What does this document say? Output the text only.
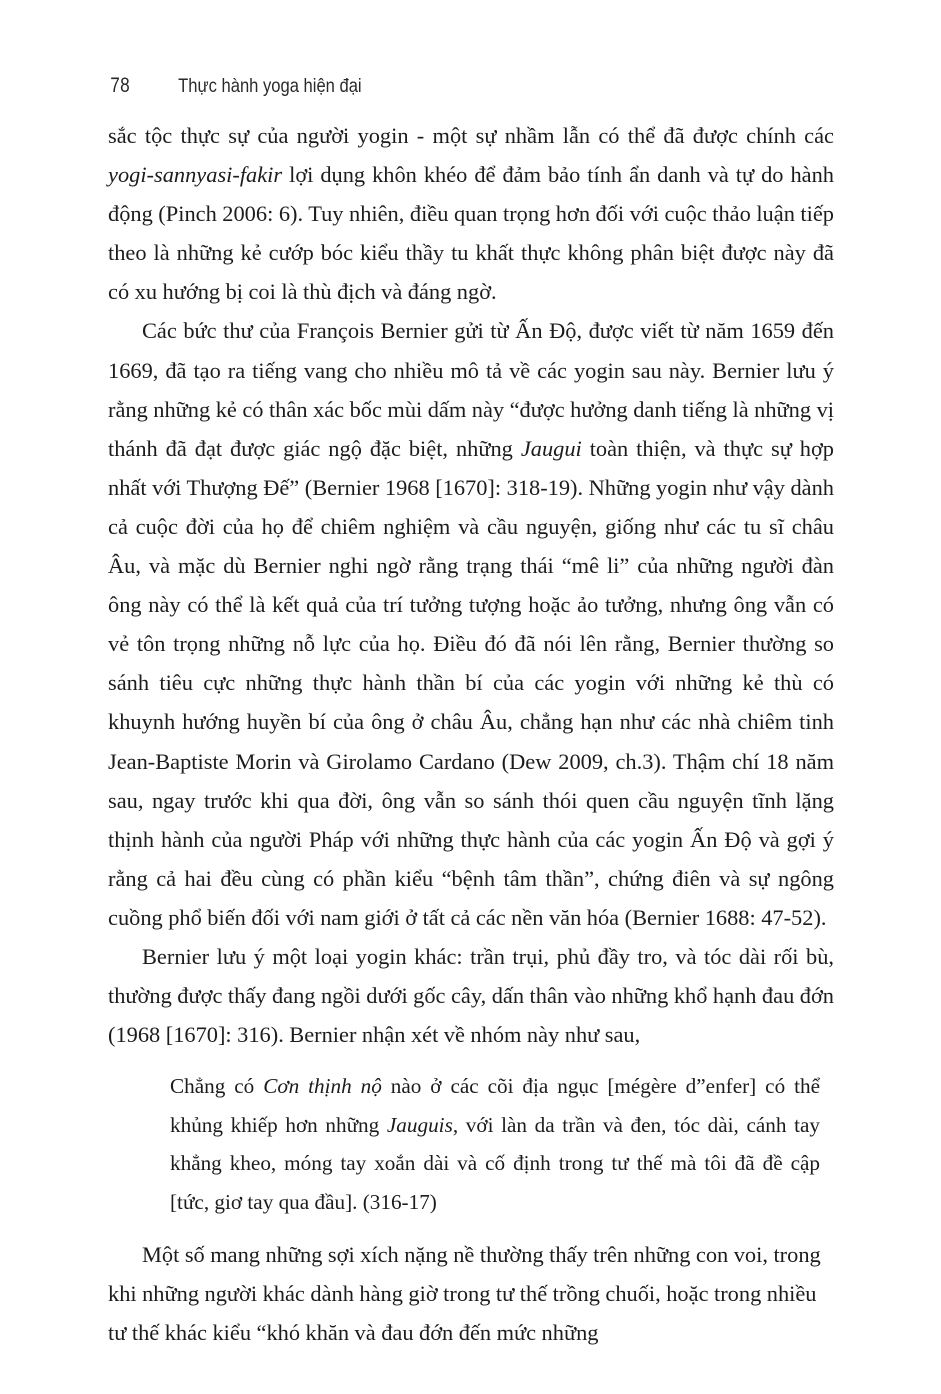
78 Thực hành yoga hiện đại

sắc tộc thực sự của người yogin - một sự nhầm lẫn có thể đã được chính các yogi-sannyasi-fakir lợi dụng khôn khéo để đảm bảo tính ẩn danh và tự do hành động (Pinch 2006: 6). Tuy nhiên, điều quan trọng hơn đối với cuộc thảo luận tiếp theo là những kẻ cướp bóc kiểu thầy tu khất thực không phân biệt được này đã có xu hướng bị coi là thù địch và đáng ngờ.

Các bức thư của François Bernier gửi từ Ấn Độ, được viết từ năm 1659 đến 1669, đã tạo ra tiếng vang cho nhiều mô tả về các yogin sau này. Bernier lưu ý rằng những kẻ có thân xác bốc mùi dấm này “được hưởng danh tiếng là những vị thánh đã đạt được giác ngộ đặc biệt, những Jaugui toàn thiện, và thực sự hợp nhất với Thượng Đế” (Bernier 1968 [1670]: 318-19). Những yogin như vậy dành cả cuộc đời của họ để chiêm nghiệm và cầu nguyện, giống như các tu sĩ châu Âu, và mặc dù Bernier nghi ngờ rằng trạng thái “mê li” của những người đàn ông này có thể là kết quả của trí tưởng tượng hoặc ảo tưởng, nhưng ông vẫn có vẻ tôn trọng những nỗ lực của họ. Điều đó đã nói lên rằng, Bernier thường so sánh tiêu cực những thực hành thần bí của các yogin với những kẻ thù có khuynh hướng huyền bí của ông ở châu Âu, chẳng hạn như các nhà chiêm tinh Jean-Baptiste Morin và Girolamo Cardano (Dew 2009, ch.3). Thậm chí 18 năm sau, ngay trước khi qua đời, ông vẫn so sánh thói quen cầu nguyện tĩnh lặng thịnh hành của người Pháp với những thực hành của các yogin Ấn Độ và gợi ý rằng cả hai đều cùng có phần kiểu “bệnh tâm thần”, chứng điên và sự ngông cuồng phổ biến đối với nam giới ở tất cả các nền văn hóa (Bernier 1688: 47-52).

Bernier lưu ý một loại yogin khác: trần trụi, phủ đầy tro, và tóc dài rối bù, thường được thấy đang ngồi dưới gốc cây, dấn thân vào những khổ hạnh đau đớn (1968 [1670]: 316). Bernier nhận xét về nhóm này như sau,

Chẳng có Cơn thịnh nộ nào ở các cõi địa ngục [mégère d”enfer] có thể khủng khiếp hơn những Jauguis, với làn da trần và đen, tóc dài, cánh tay khẳng kheo, móng tay xoắn dài và cố định trong tư thế mà tôi đã đề cập [tức, giơ tay qua đầu]. (316-17)

Một số mang những sợi xích nặng nề thường thấy trên những con voi, trong khi những người khác dành hàng giờ trong tư thế trồng chuối, hoặc trong nhiều tư thế khác kiểu “khó khăn và đau đớn đến mức những
